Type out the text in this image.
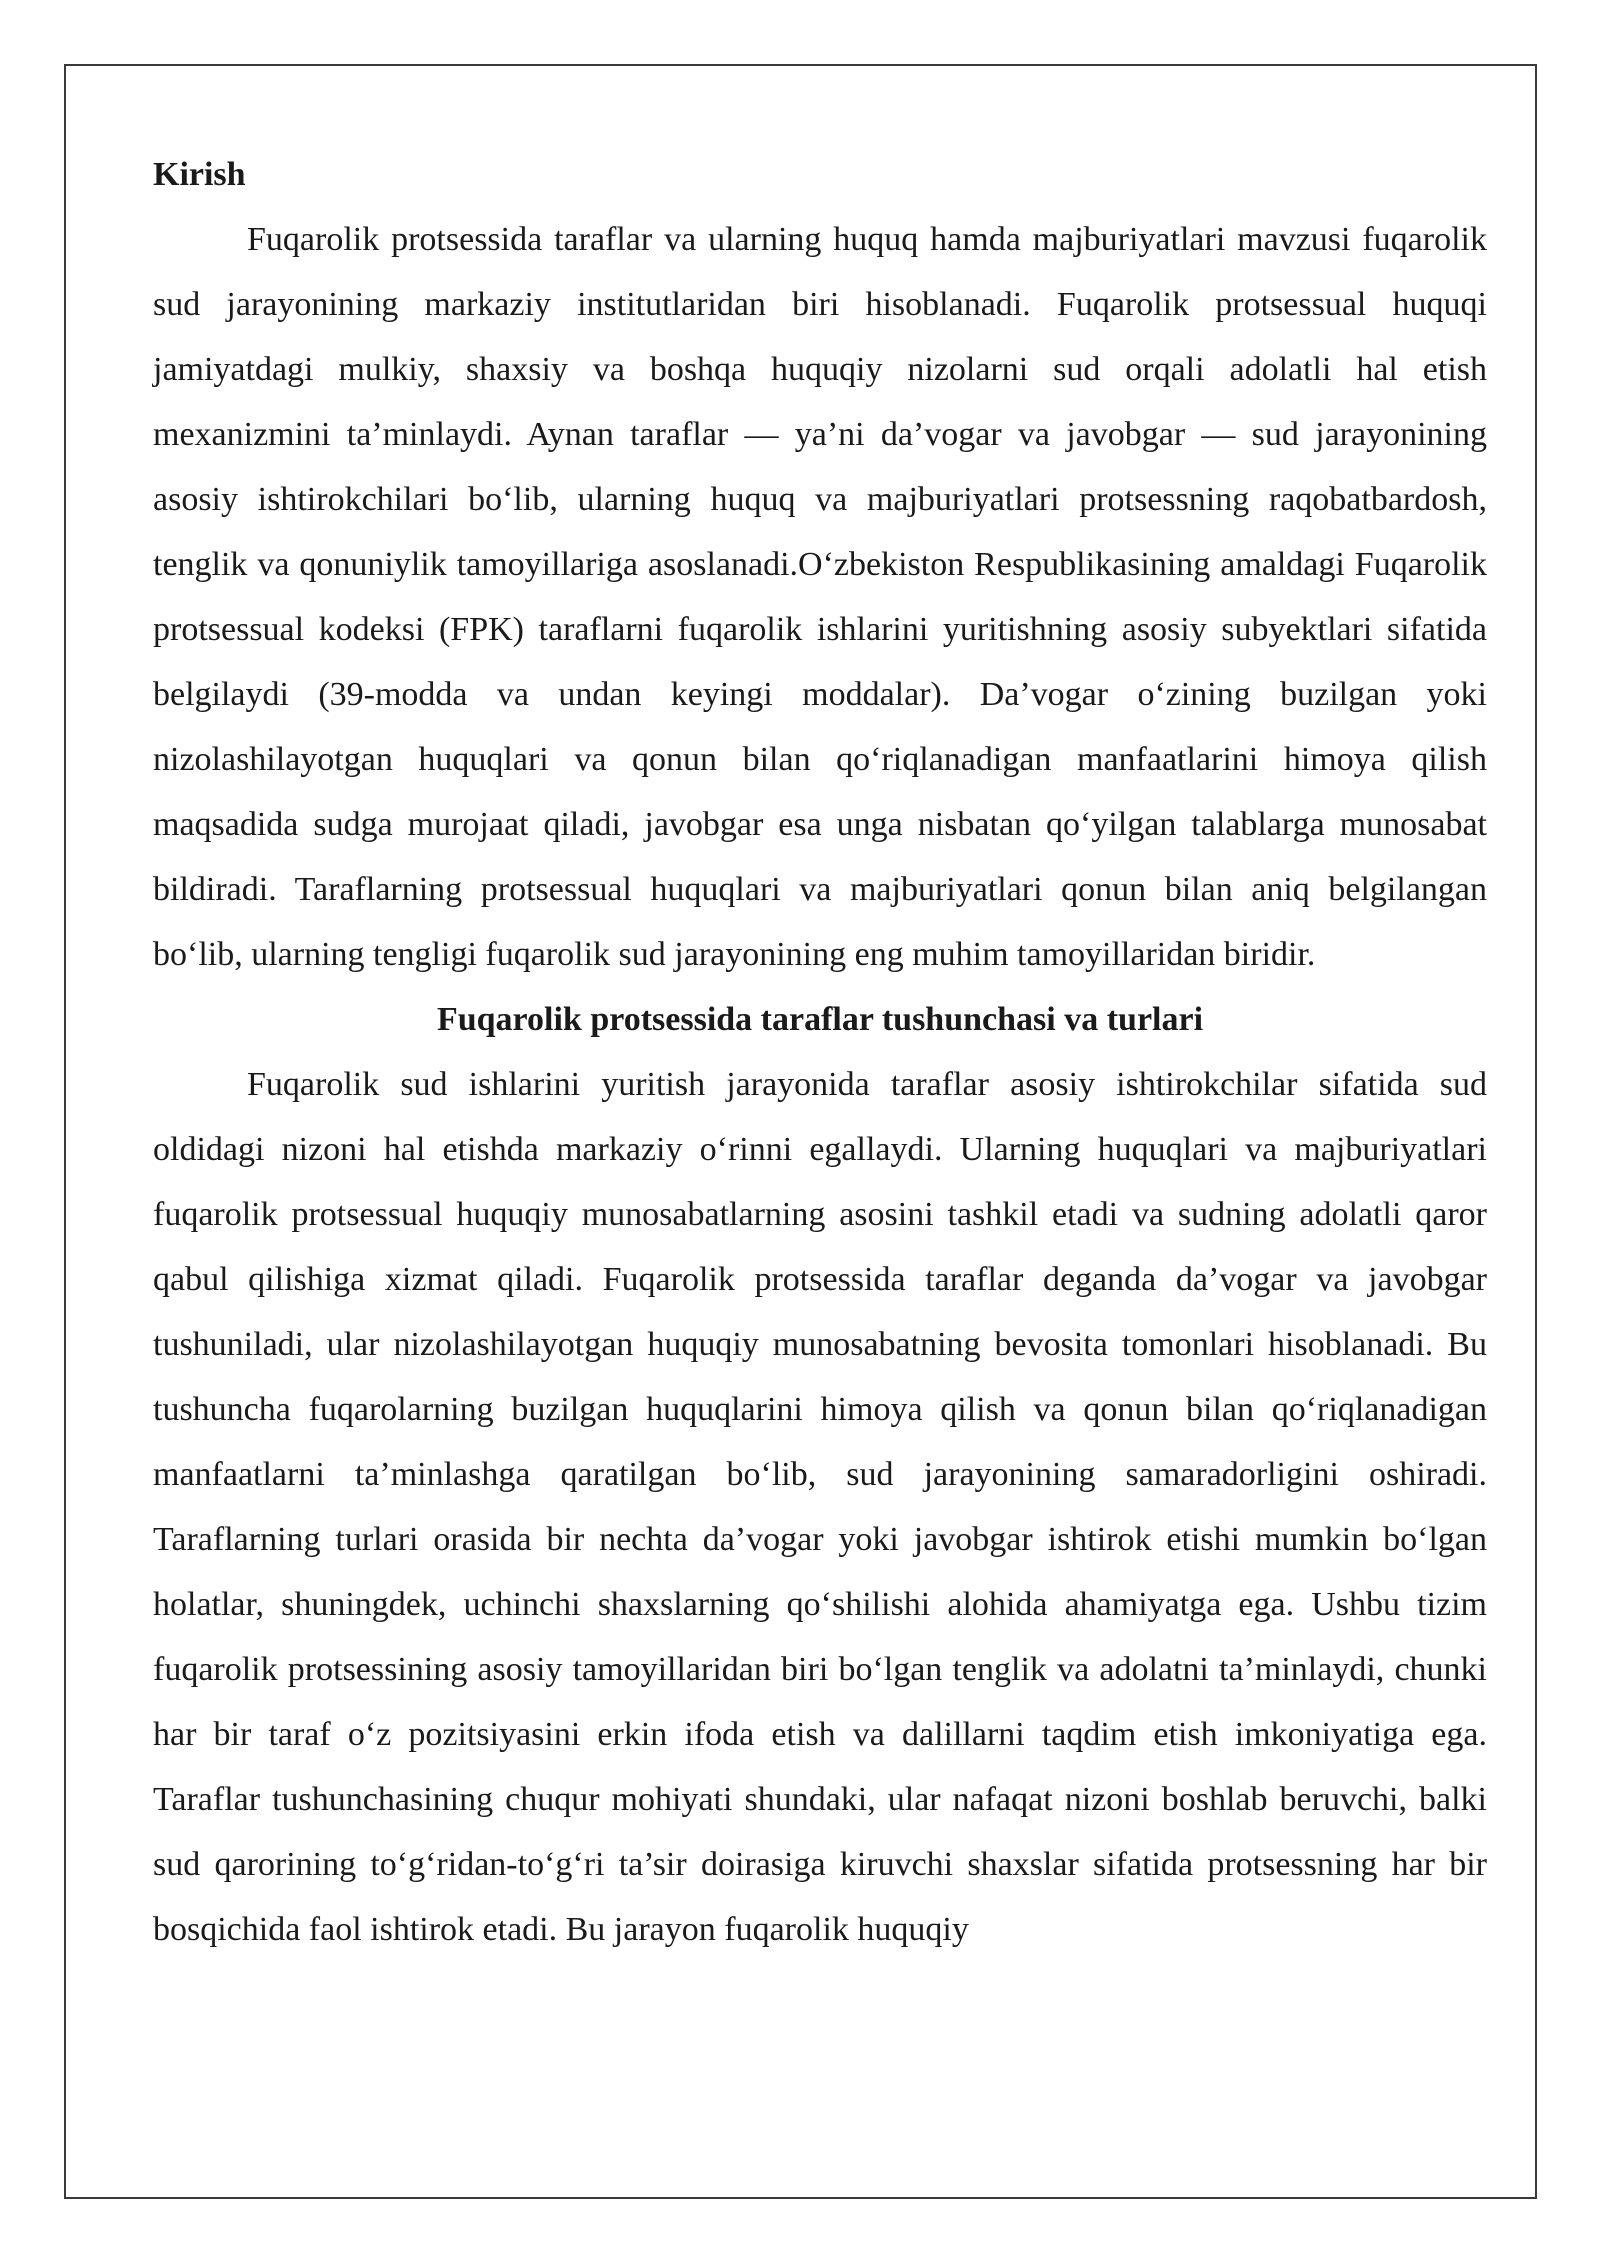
Kirish

Fuqarolik protsessida taraflar va ularning huquq hamda majburiyatlari mavzusi fuqarolik sud jarayonining markaziy institutlaridan biri hisoblanadi. Fuqarolik protsessual huquqi jamiyatdagi mulkiy, shaxsiy va boshqa huquqiy nizolarni sud orqali adolatli hal etish mexanizmini ta’minlaydi. Aynan taraflar — ya’ni da’vogar va javobgar — sud jarayonining asosiy ishtirokchilari bo‘lib, ularning huquq va majburiyatlari protsessning raqobatbardosh, tenglik va qonuniylik tamoyillariga asoslanadi.O‘zbekiston Respublikasining amaldagi Fuqarolik protsessual kodeksi (FPK) taraflarni fuqarolik ishlarini yuritishning asosiy subyektlari sifatida belgilaydi (39-modda va undan keyingi moddalar). Da’vogar o‘zining buzilgan yoki nizolashilayotgan huquqlari va qonun bilan qo‘riqlanadigan manfaatlarini himoya qilish maqsadida sudga murojaat qiladi, javobgar esa unga nisbatan qo‘yilgan talablarga munosabat bildiradi. Taraflarning protsessual huquqlari va majburiyatlari qonun bilan aniq belgilangan bo‘lib, ularning tengligi fuqarolik sud jarayonining eng muhim tamoyillaridan biridir.

Fuqarolik protsessida taraflar tushunchasi va turlari

Fuqarolik sud ishlarini yuritish jarayonida taraflar asosiy ishtirokchilar sifatida sud oldidagi nizoni hal etishda markaziy o‘rinni egallaydi. Ularning huquqlari va majburiyatlari fuqarolik protsessual huquqiy munosabatlarning asosini tashkil etadi va sudning adolatli qaror qabul qilishiga xizmat qiladi. Fuqarolik protsessida taraflar deganda da’vogar va javobgar tushuniladi, ular nizolashilayotgan huquqiy munosabatning bevosita tomonlari hisoblanadi. Bu tushuncha fuqarolarning buzilgan huquqlarini himoya qilish va qonun bilan qo‘riqlanadigan manfaatlarni ta’minlashga qaratilgan bo‘lib, sud jarayonining samaradorligini oshiradi. Taraflarning turlari orasida bir nechta da’vogar yoki javobgar ishtirok etishi mumkin bo‘lgan holatlar, shuningdek, uchinchi shaxslarning qo‘shilishi alohida ahamiyatga ega. Ushbu tizim fuqarolik protsessining asosiy tamoyillaridan biri bo‘lgan tenglik va adolatni ta’minlaydi, chunki har bir taraf o‘z pozitsiyasini erkin ifoda etish va dalillarni taqdim etish imkoniyatiga ega. Taraflar tushunchasining chuqur mohiyati shundaki, ular nafaqat nizoni boshlab beruvchi, balki sud qarorining to‘g‘ridan-to‘g‘ri ta’sir doirasiga kiruvchi shaxslar sifatida protsessning har bir bosqichida faol ishtirok etadi. Bu jarayon fuqarolik huquqiy
